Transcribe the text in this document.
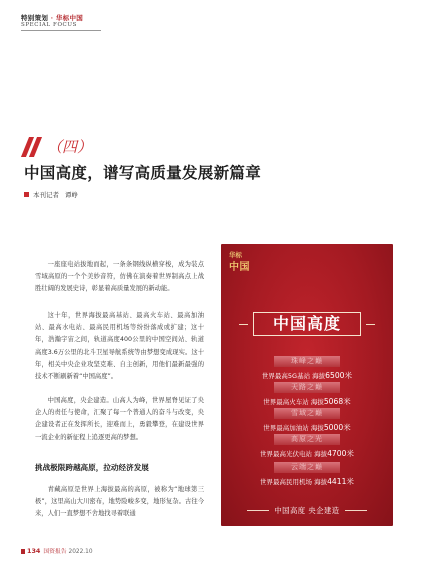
特别策划 · 华标中国
SPECIAL FOCUS
（四）
中国高度，谱写高质量发展新篇章
本刊记者 谭峥

一座座电站拔地而起，一条条钢线纵横穿梭，成为装点雪域高原的一个个美妙音符，仿佛在演奏着世界制高点上战胜壮阔的发展史诗，彰显着高质量发展的新动能。

这十年，世界海拔最高基站、最高火车站、最高加油站、最高水电站、最高民用机场等纷纷落成或扩建；这十年，浩瀚宇宙之间，轨道高度400公里的中国空间站、轨道高度3.6万公里的北斗卫星导航系统等由梦想变成现实。这十年，相关中央企业攻坚克难、自主创新，用他们最新最强的技术不断刷新着“中国高度”。

中国高度，央企建造。山高人为峰，世界屋脊见证了央企人的责任与使命，汇聚了每一个普通人的奋斗与改变，央企建设者正在发挥所长，迎难而上，勇毅攀登，在建设世界一流企业的新征程上追逐更高的梦想。

挑战极限跨越高原，拉动经济发展

青藏高原是世界上海拔最高的高原，被称为“地球第三极”，这里高山大川密布，地势险峻多变，地形复杂。古往今来，人们一直梦想不舍地找寻着联通

华标
中国
中国高度
珠峰之巅
世界最高5G基站 海拔6500米
天路之巅
世界最高火车站 海拔5068米
雪域之巅
世界最高加油站 海拔5000米
高原之光
世界最高光伏电站 海拔4700米
云端之巅
世界最高民用机场 海拔4411米
中国高度 央企建造
134 国资报告 2022.10
